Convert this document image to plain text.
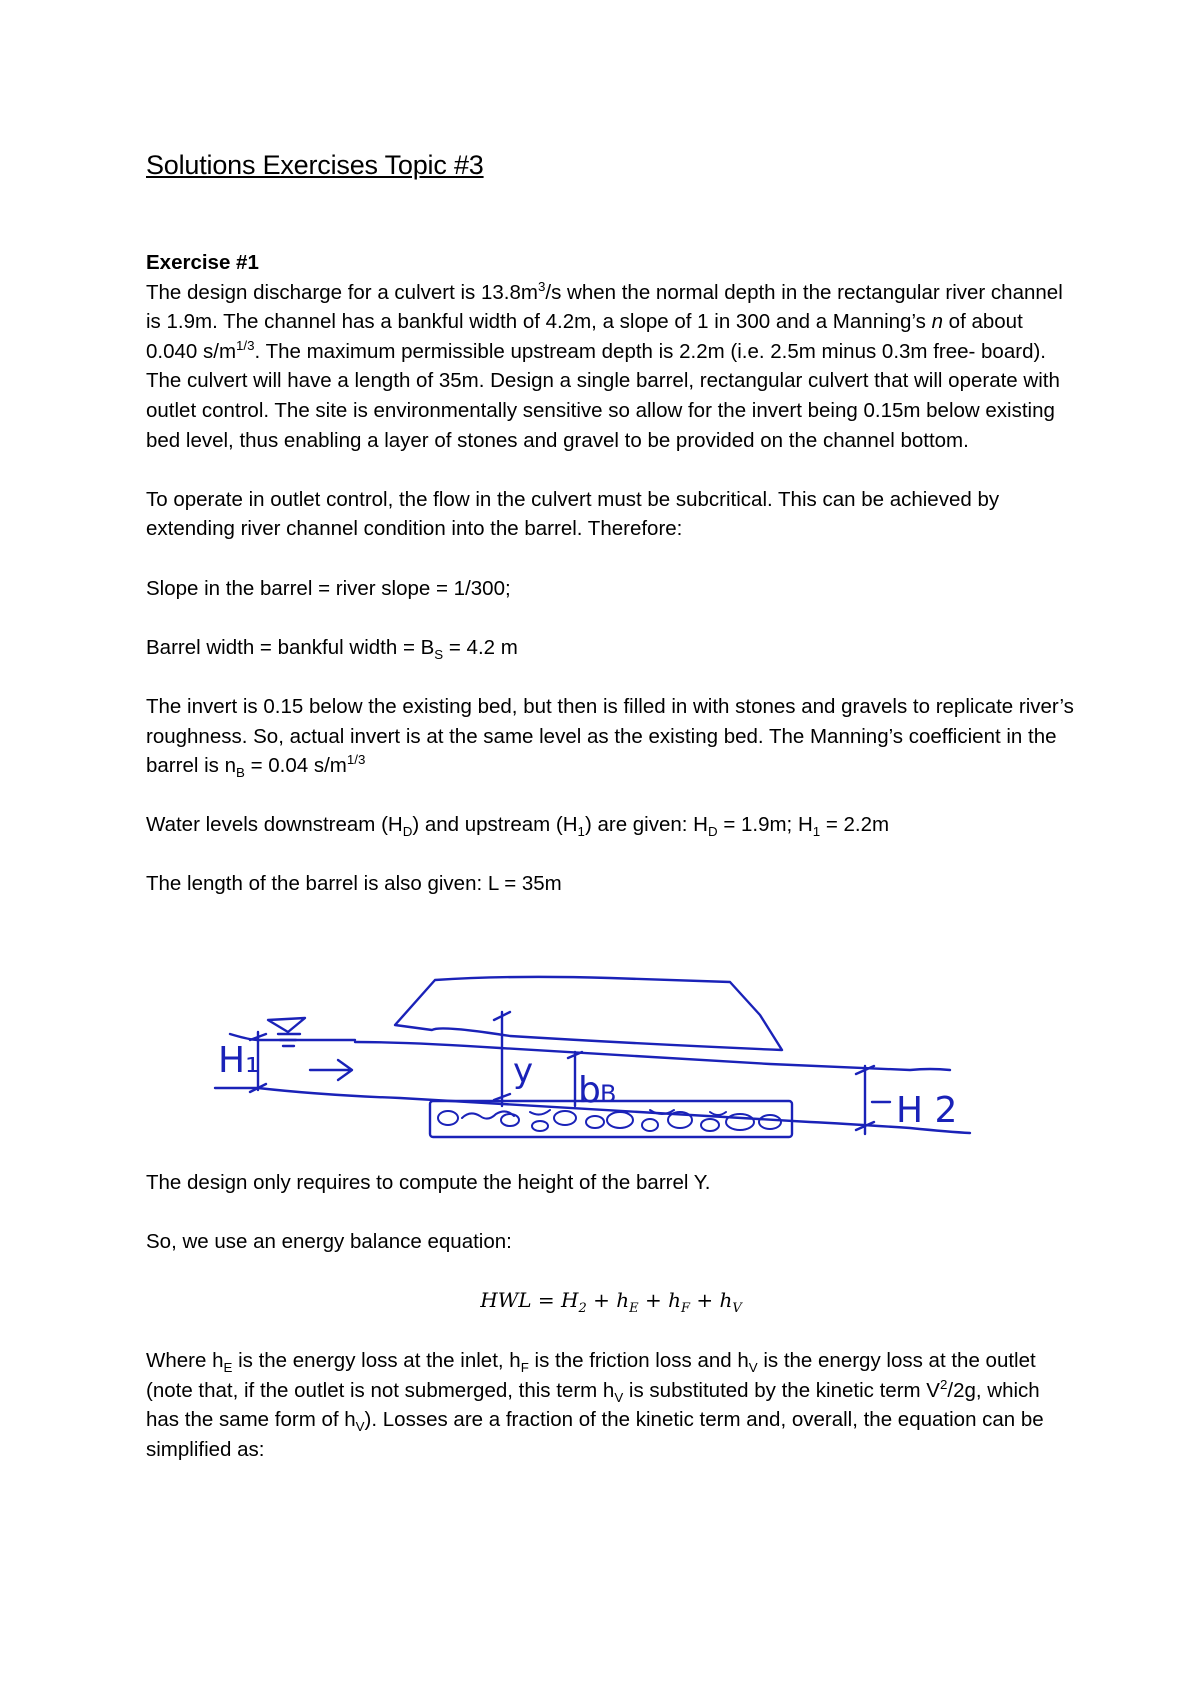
Solutions Exercises Topic #3

Exercise #1

The design discharge for a culvert is $13.8m^3/s$ when the normal depth in the rectangular river channel is 1.9m. The channel has a bankful width of 4.2m, a slope of 1 in 300 and a Manning’s n of about 0.040 $s/m^{1/3}$. The maximum permissible upstream depth is 2.2m (i.e. 2.5m minus 0.3m free- board). The culvert will have a length of 35m. Design a single barrel, rectangular culvert that will operate with outlet control. The site is environmentally sensitive so allow for the invert being 0.15m below existing bed level, thus enabling a layer of stones and gravel to be provided on the channel bottom.

To operate in outlet control, the flow in the culvert must be subcritical. This can be achieved by extending river channel condition into the barrel. Therefore:

Slope in the barrel = river slope = 1/300;

Barrel width = bankful width = $B_S = 4.2$ m

The invert is 0.15 below the existing bed, but then is filled in with stones and gravels to replicate river’s roughness. So, actual invert is at the same level as the existing bed. The Manning’s coefficient in the barrel is $n_B = 0.04$ $s/m^{1/3}$

Water levels downstream $(H_D)$ and upstream $(H_1)$ are given: $H_D = 1.9m$; $H_1 = 2.2m$

The length of the barrel is also given: L = 35m

H₁	y b B	H 2

The design only requires to compute the height of the barrel Y.

So, we use an energy balance equation:

HWL = $H_2 + h_E + h_F + h_V$

Where $h_E$ is the energy loss at the inlet, $h_F$ is the friction loss and $h_V$ is the energy loss at the outlet (note that, if the outlet is not submerged, this term $h_V$ is substituted by the kinetic term $V^2/2g$, which has the same form of $h_V$). Losses are a fraction of the kinetic term and, overall, the equation can be simplified as:
